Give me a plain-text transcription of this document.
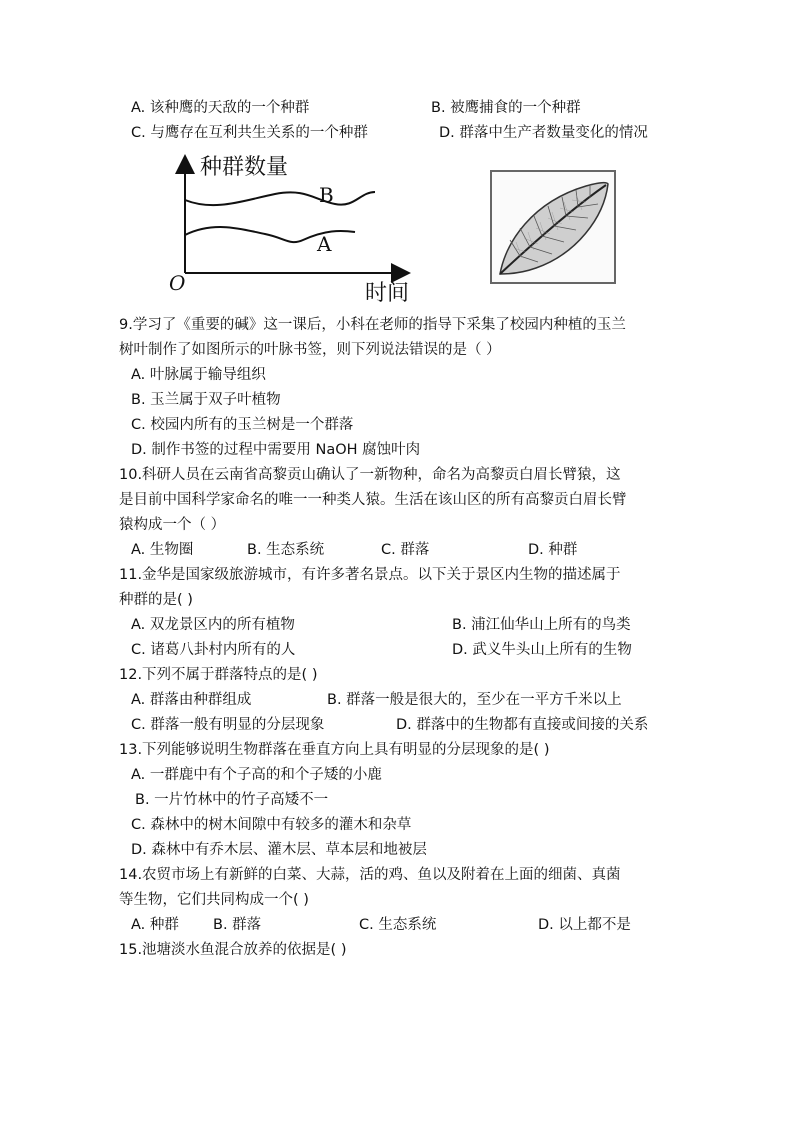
A. 该种鹰的天敌的一个种群	B. 被鹰捕食的一个种群
C. 与鹰存在互利共生关系的一个种群	D. 群落中生产者数量变化的情况
种群数量
时间
O
B
A
9.学习了《重要的碱》这一课后，小科在老师的指导下采集了校园内种植的玉兰
树叶制作了如图所示的叶脉书签，则下列说法错误的是（ ）
A. 叶脉属于输导组织
B. 玉兰属于双子叶植物
C. 校园内所有的玉兰树是一个群落
D. 制作书签的过程中需要用 NaOH 腐蚀叶肉
10.科研人员在云南省高黎贡山确认了一新物种，命名为高黎贡白眉长臂猿，这
是目前中国科学家命名的唯一一种类人猿。生活在该山区的所有高黎贡白眉长臂
猿构成一个（ ）
A. 生物圈	B. 生态系统	C. 群落	D. 种群
11.金华是国家级旅游城市，有许多著名景点。以下关于景区内生物的描述属于
种群的是( )
A. 双龙景区内的所有植物	B. 浦江仙华山上所有的鸟类
C. 诸葛八卦村内所有的人	D. 武义牛头山上所有的生物
12.下列不属于群落特点的是( )
A. 群落由种群组成	B. 群落一般是很大的，至少在一平方千米以上
C. 群落一般有明显的分层现象	D. 群落中的生物都有直接或间接的关系
13.下列能够说明生物群落在垂直方向上具有明显的分层现象的是( )
A. 一群鹿中有个子高的和个子矮的小鹿
B. 一片竹林中的竹子高矮不一
C. 森林中的树木间隙中有较多的灌木和杂草
D. 森林中有乔木层、灌木层、草本层和地被层
14.农贸市场上有新鲜的白菜、大蒜，活的鸡、鱼以及附着在上面的细菌、真菌
等生物，它们共同构成一个( )
A. 种群 B. 群落	C. 生态系统	D. 以上都不是
15.池塘淡水鱼混合放养的依据是( )
